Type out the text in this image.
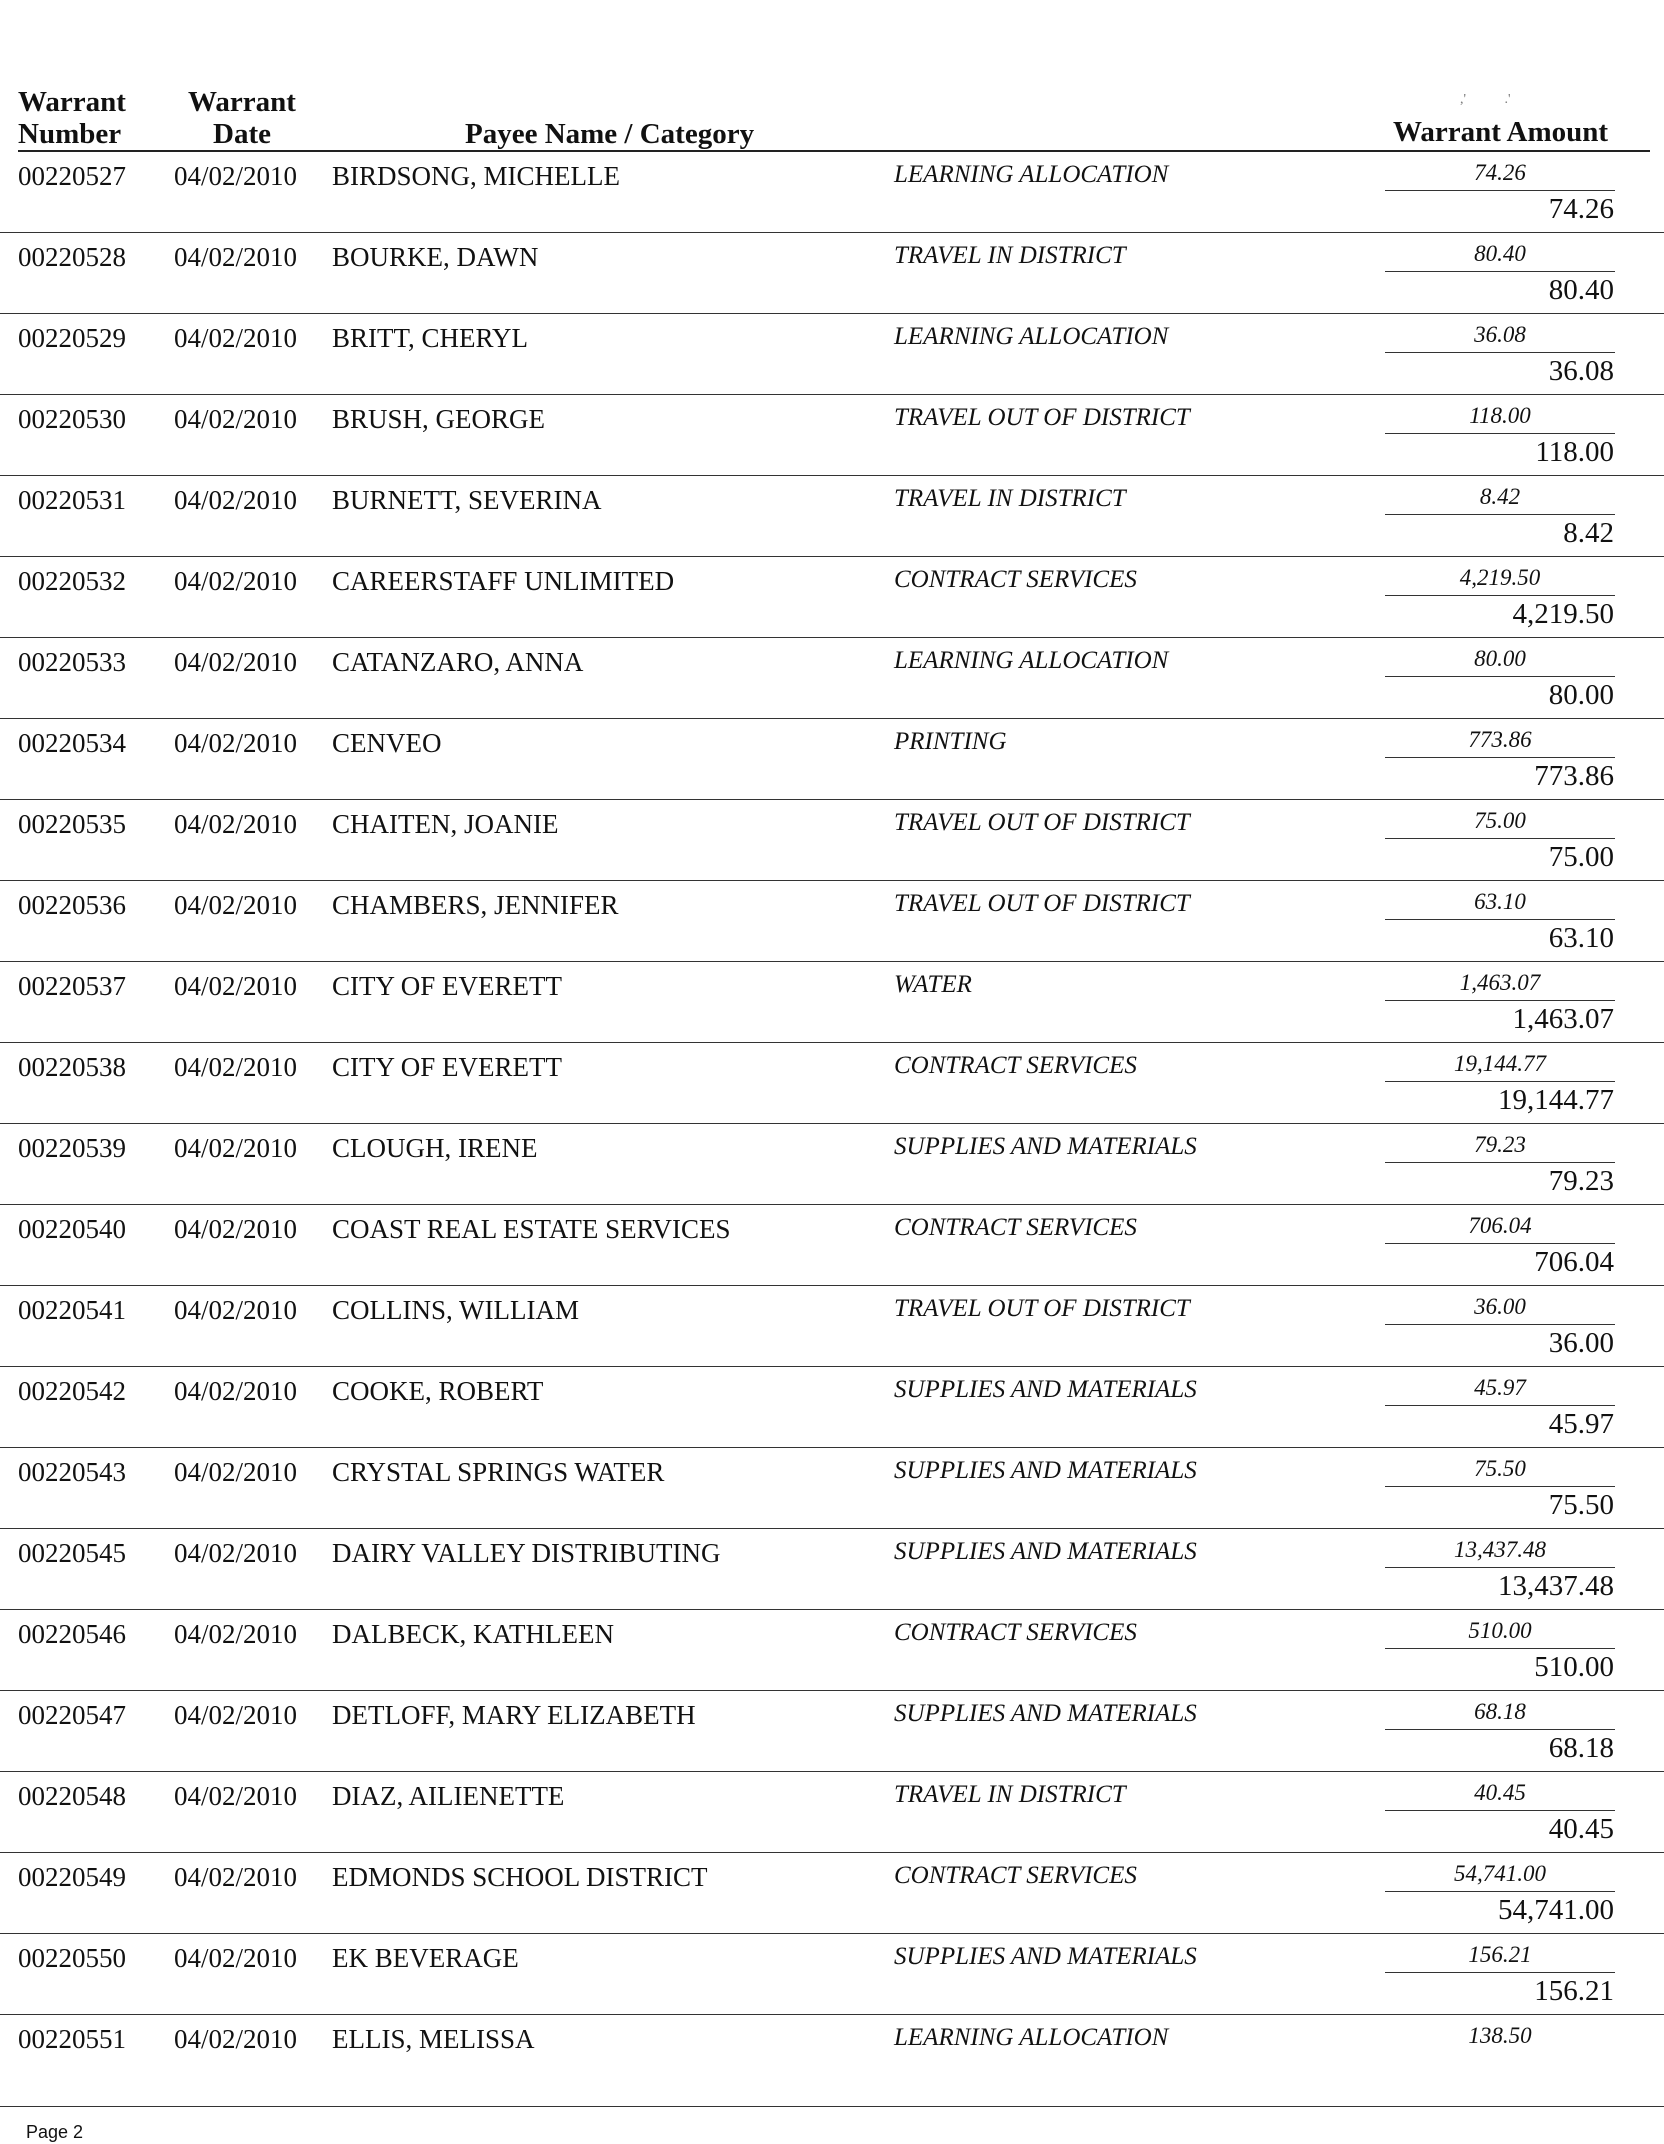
Warrant
Number
Warrant
Date	Payee Name / Category	Warrant Amount
,'           .'
00220527 04/02/2010 BIRDSONG, MICHELLE	LEARNING ALLOCATION	74.26
74.26
00220528 04/02/2010 BOURKE, DAWN	TRAVEL IN DISTRICT	80.40
80.40
00220529 04/02/2010 BRITT, CHERYL	LEARNING ALLOCATION	36.08
36.08
00220530 04/02/2010 BRUSH, GEORGE	TRAVEL OUT OF DISTRICT	118.00
118.00
00220531 04/02/2010 BURNETT, SEVERINA	TRAVEL IN DISTRICT	8.42
8.42
00220532 04/02/2010 CAREERSTAFF UNLIMITED	CONTRACT SERVICES	4,219.50
4,219.50
00220533 04/02/2010 CATANZARO, ANNA	LEARNING ALLOCATION	80.00
80.00
00220534 04/02/2010 CENVEO	PRINTING	773.86
773.86
00220535 04/02/2010 CHAITEN, JOANIE	TRAVEL OUT OF DISTRICT	75.00
75.00
00220536 04/02/2010 CHAMBERS, JENNIFER	TRAVEL OUT OF DISTRICT	63.10
63.10
00220537 04/02/2010 CITY OF EVERETT	WATER	1,463.07
1,463.07
00220538 04/02/2010 CITY OF EVERETT	CONTRACT SERVICES	19,144.77
19,144.77
00220539 04/02/2010 CLOUGH, IRENE	SUPPLIES AND MATERIALS	79.23
79.23
00220540 04/02/2010 COAST REAL ESTATE SERVICES	CONTRACT SERVICES	706.04
706.04
00220541 04/02/2010 COLLINS, WILLIAM	TRAVEL OUT OF DISTRICT	36.00
36.00
00220542 04/02/2010 COOKE, ROBERT	SUPPLIES AND MATERIALS	45.97
45.97
00220543 04/02/2010 CRYSTAL SPRINGS WATER	SUPPLIES AND MATERIALS	75.50
75.50
00220545 04/02/2010 DAIRY VALLEY DISTRIBUTING	SUPPLIES AND MATERIALS	13,437.48
13,437.48
00220546 04/02/2010 DALBECK, KATHLEEN	CONTRACT SERVICES	510.00
510.00
00220547 04/02/2010 DETLOFF, MARY ELIZABETH	SUPPLIES AND MATERIALS	68.18
68.18
00220548 04/02/2010 DIAZ, AILIENETTE	TRAVEL IN DISTRICT	40.45
40.45
00220549 04/02/2010 EDMONDS SCHOOL DISTRICT	CONTRACT SERVICES	54,741.00
54,741.00
00220550 04/02/2010 EK BEVERAGE	SUPPLIES AND MATERIALS	156.21
156.21
00220551 04/02/2010 ELLIS, MELISSA	LEARNING ALLOCATION	138.50
Page 2
